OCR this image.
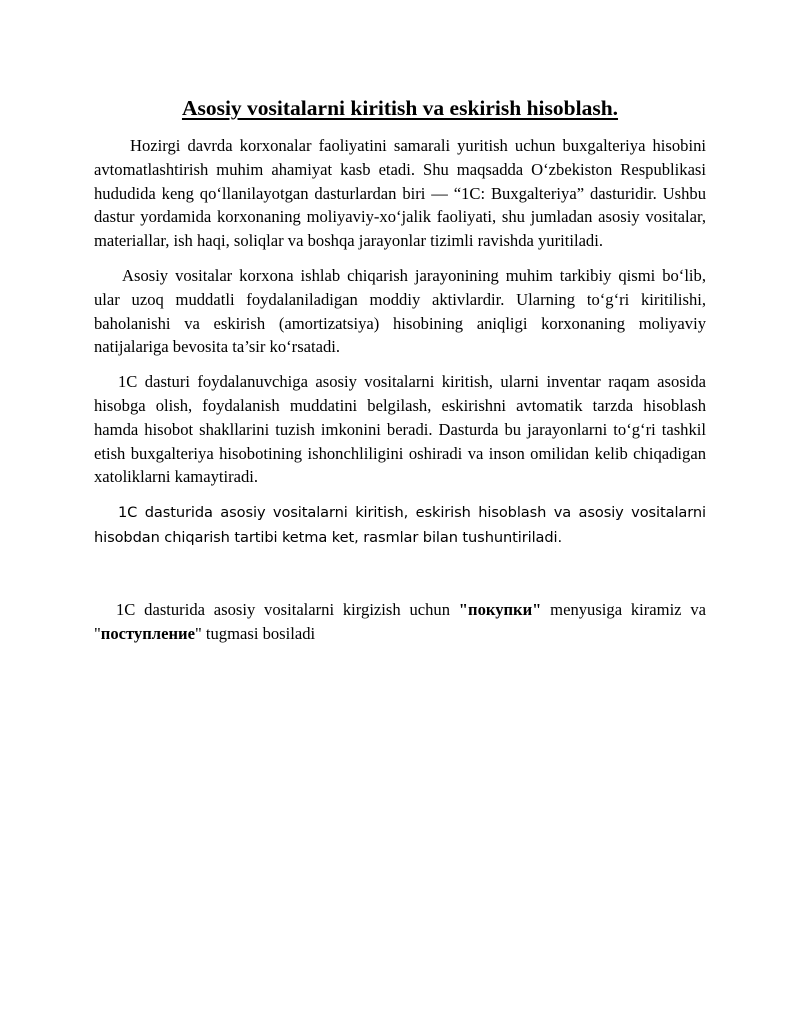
Asosiy vositalarni kiritish va eskirish hisoblash.

Hozirgi davrda korxonalar faoliyatini samarali yuritish uchun buxgalteriya hisobini avtomatlashtirish muhim ahamiyat kasb etadi. Shu maqsadda O‘zbekiston Respublikasi hududida keng qo‘llanilayotgan dasturlardan biri — “1C: Buxgalteriya” dasturidir. Ushbu dastur yordamida korxonaning moliyaviy-xo‘jalik faoliyati, shu jumladan asosiy vositalar, materiallar, ish haqi, soliqlar va boshqa jarayonlar tizimli ravishda yuritiladi.

Asosiy vositalar korxona ishlab chiqarish jarayonining muhim tarkibiy qismi bo‘lib, ular uzoq muddatli foydalaniladigan moddiy aktivlardir. Ularning to‘g‘ri kiritilishi, baholanishi va eskirish (amortizatsiya) hisobining aniqligi korxonaning moliyaviy natijalariga bevosita ta’sir ko‘rsatadi.

1C dasturi foydalanuvchiga asosiy vositalarni kiritish, ularni inventar raqam asosida hisobga olish, foydalanish muddatini belgilash, eskirishni avtomatik tarzda hisoblash hamda hisobot shakllarini tuzish imkonini beradi. Dasturda bu jarayonlarni to‘g‘ri tashkil etish buxgalteriya hisobotining ishonchliligini oshiradi va inson omilidan kelib chiqadigan xatoliklarni kamaytiradi.

1C dasturida asosiy vositalarni kiritish, eskirish hisoblash va asosiy vositalarni hisobdan chiqarish tartibi ketma ket, rasmlar bilan tushuntiriladi.

1C dasturida asosiy vositalarni kirgizish uchun "покупки" menyusiga kiramiz va "поступление" tugmasi bosiladi
